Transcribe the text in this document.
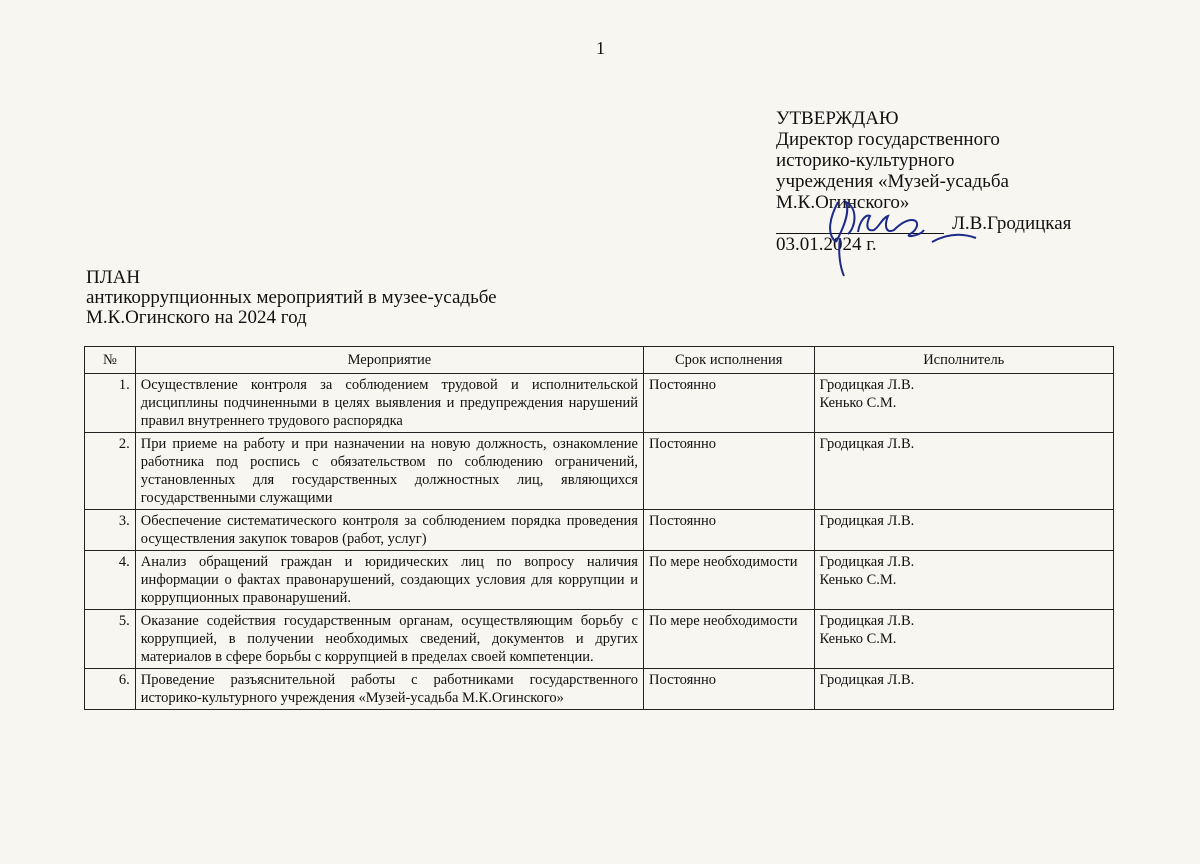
1
УТВЕРЖДАЮ
Директор государственного
историко-культурного
учреждения «Музей-усадьба
М.К.Огинского»
Л.В.Гродицкая
03.01.2024 г.
ПЛАН
антикоррупционных мероприятий в музее-усадьбе
М.К.Огинского на 2024 год
№	Мероприятие	Срок исполнения	Исполнитель
1.	Осуществление контроля за соблюдением трудовой и исполнительской дисциплины подчиненными в целях выявления и предупреждения нарушений правил внутреннего трудового распорядка	Постоянно	Гродицкая Л.В.
Кенько С.М.

2.	При приеме на работу и при назначении на новую должность, ознакомление работника под роспись с обязательством по соблюдению ограничений, установленных для государственных должностных лиц, являющихся государственными служащими	Постоянно	Гродицкая Л.В.

3.	Обеспечение систематического контроля за соблюдением порядка проведения осуществления закупок товаров (работ, услуг)	Постоянно	Гродицкая Л.В.

4.	Анализ обращений граждан и юридических лиц по вопросу наличия информации о фактах правонарушений, создающих условия для коррупции и коррупционных правонарушений.	По мере необходимости	Гродицкая Л.В.
Кенько С.М.

5.	Оказание содействия государственным органам, осуществляющим борьбу с коррупцией, в получении необходимых сведений, документов и других материалов в сфере борьбы с коррупцией в пределах своей компетенции.	По мере необходимости	Гродицкая Л.В.
Кенько С.М.

6.	Проведение разъяснительной работы с работниками государственного историко-культурного учреждения «Музей-усадьба М.К.Огинского»	Постоянно	Гродицкая Л.В.
